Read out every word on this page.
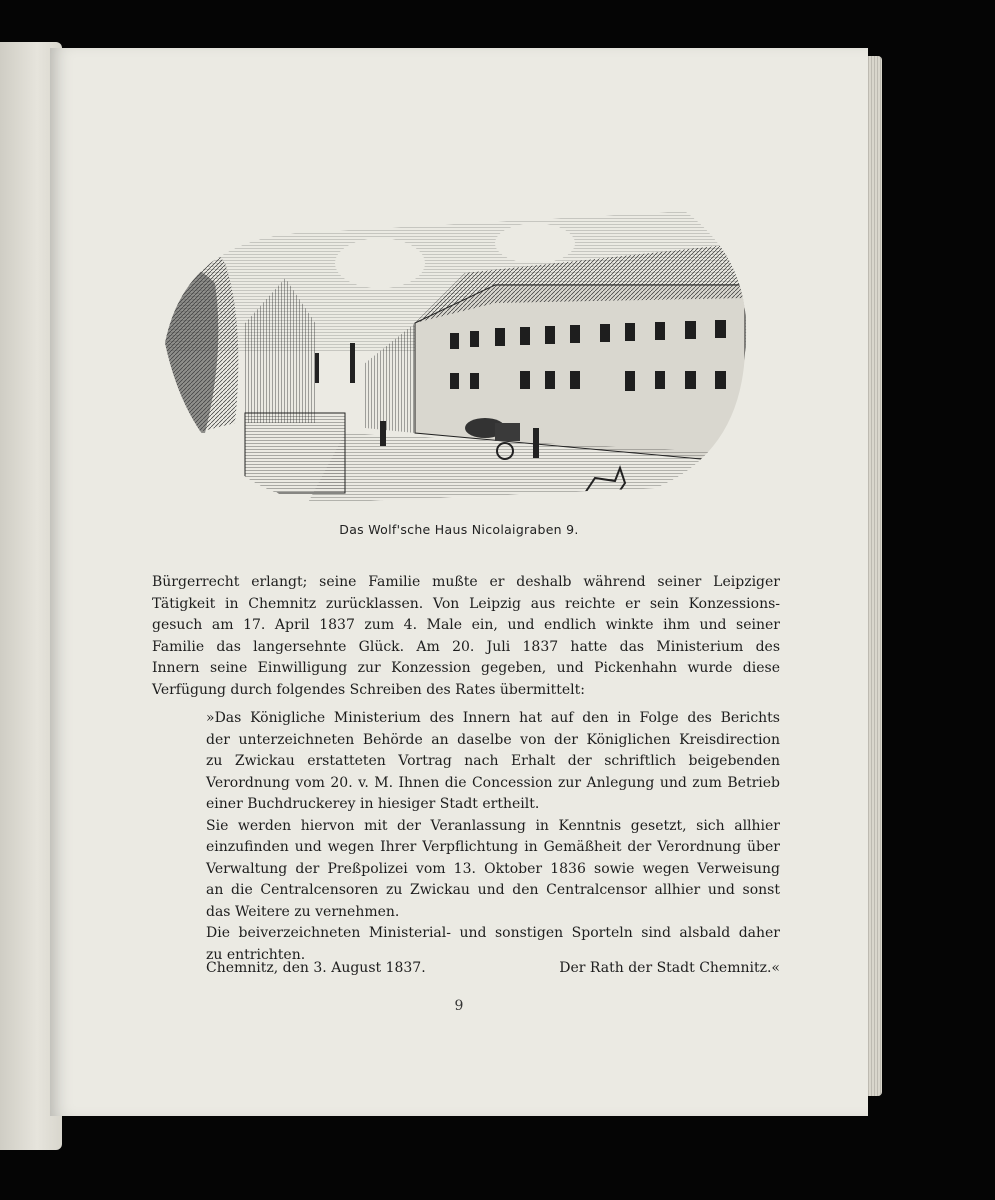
Das Wolf'sche Haus Nicolaigraben 9.
Bürgerrecht erlangt; seine Familie mußte er deshalb während seiner Leipziger
Tätigkeit in Chemnitz zurücklassen. Von Leipzig aus reichte er sein Konzessions-
gesuch am 17. April 1837 zum 4. Male ein, und endlich winkte ihm und seiner
Familie das langersehnte Glück. Am 20. Juli 1837 hatte das Ministerium des
Innern seine Einwilligung zur Konzession gegeben, und Pickenhahn wurde diese
Verfügung durch folgendes Schreiben des Rates übermittelt:
»Das Königliche Ministerium des Innern hat auf den in Folge des Berichts
der unterzeichneten Behörde an daselbe von der Königlichen Kreisdirection
zu Zwickau erstatteten Vortrag nach Erhalt der schriftlich beigebenden
Verordnung vom 20. v. M. Ihnen die Concession zur Anlegung und zum Betrieb
einer Buchdruckerey in hiesiger Stadt ertheilt.
Sie werden hiervon mit der Veranlassung in Kenntnis gesetzt, sich allhier
einzufinden und wegen Ihrer Verpflichtung in Gemäßheit der Verordnung über
Verwaltung der Preßpolizei vom 13. Oktober 1836 sowie wegen Verweisung
an die Centralcensoren zu Zwickau und den Centralcensor allhier und sonst
das Weitere zu vernehmen.
Die beiverzeichneten Ministerial- und sonstigen Sporteln sind alsbald daher
zu entrichten.
Chemnitz, den 3. August 1837.	Der Rath der Stadt Chemnitz.«
9
